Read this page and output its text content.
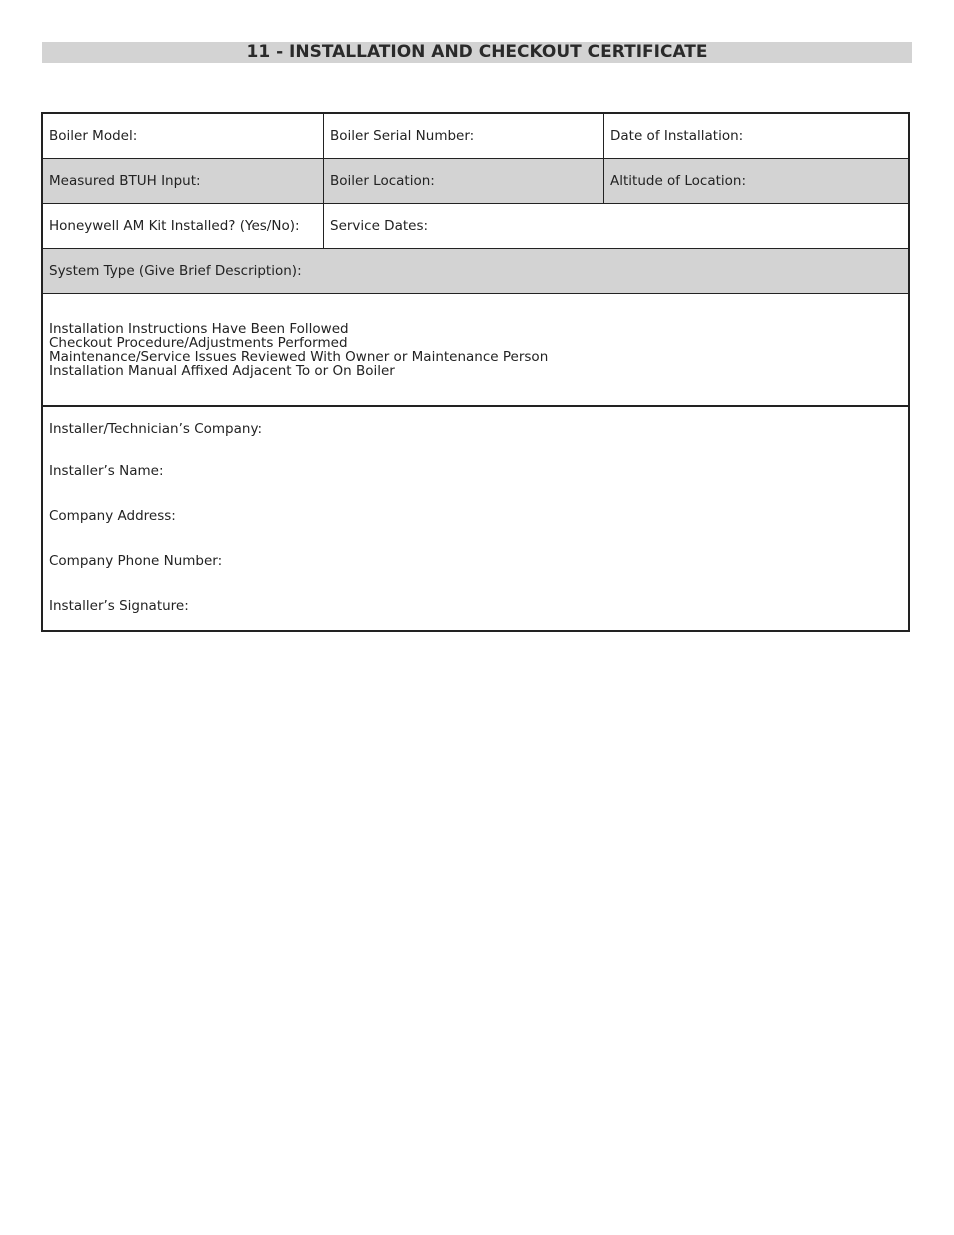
11 - INSTALLATION AND CHECKOUT CERTIFICATE
Boiler Model:	Boiler Serial Number:	Date of Installation:
Measured BTUH Input:	Boiler Location:	Altitude of Location:
Honeywell AM Kit Installed? (Yes/No):	Service Dates:
System Type (Give Brief Description):
Installation Instructions Have Been Followed
Checkout Procedure/Adjustments Performed
Maintenance/Service Issues Reviewed With Owner or Maintenance Person
Installation Manual Affixed Adjacent To or On Boiler
Installer/Technician’s Company:
Installer’s Name:
Company Address:
Company Phone Number:
Installer’s Signature:
